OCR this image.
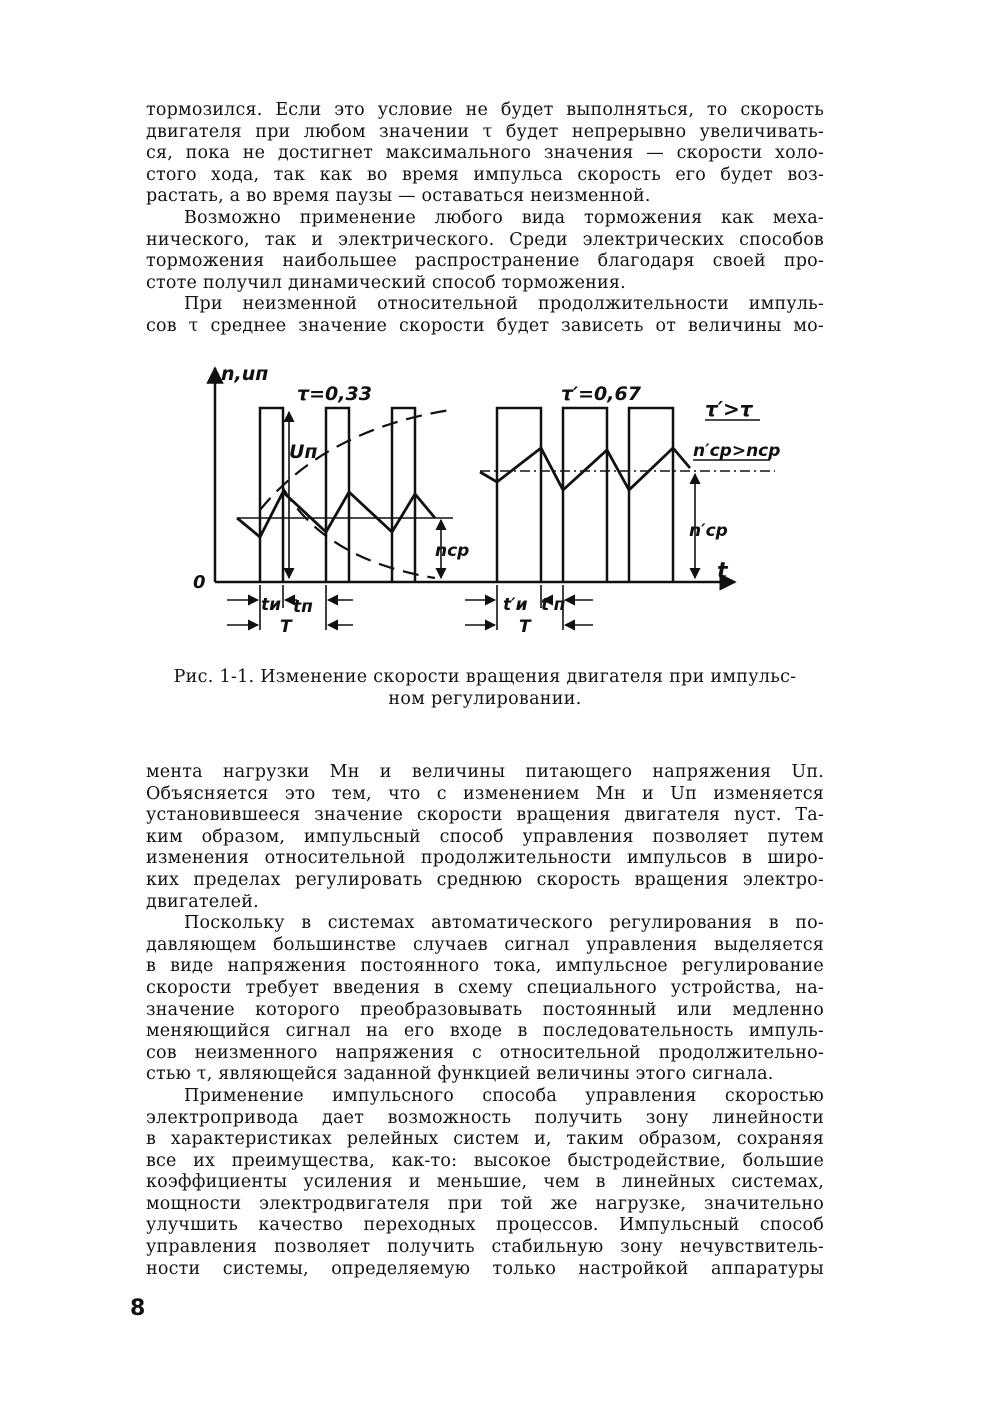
тормозился. Если это условие не будет выполняться, то скорость
двигателя при любом значении τ будет непрерывно увеличивать-
ся, пока не достигнет максимального значения — скорости холо-
стого хода, так как во время импульса скорость его будет воз-
растать, а во время паузы — оставаться неизменной.

Возможно применение любого вида торможения как меха-
нического, так и электрического. Среди электрических способов
торможения наибольшее распространение благодаря своей про-
стоте получил динамический способ торможения.

При неизменной относительной продолжительности импуль-
сов τ среднее значение скорости будет зависеть от величины мо-

n,uп
t
0
τ=0,33	τ′=0,67
τ′>τ
n′cp>ncp
Uп
ncp
n′cp
tи tп
T
t′и t′п
T
Рис. 1-1. Изменение скорости вращения двигателя при импульс-
ном регулировании.

мента нагрузки Mн и величины питающего напряжения Uп.
Объясняется это тем, что с изменением Mн и Uп изменяется
установившееся значение скорости вращения двигателя nуст. Та-
ким образом, импульсный способ управления позволяет путем
изменения относительной продолжительности импульсов в широ-
ких пределах регулировать среднюю скорость вращения электро-
двигателей.

Поскольку в системах автоматического регулирования в по-
давляющем большинстве случаев сигнал управления выделяется
в виде напряжения постоянного тока, импульсное регулирование
скорости требует введения в схему специального устройства, на-
значение которого преобразовывать постоянный или медленно
меняющийся сигнал на его входе в последовательность импуль-
сов неизменного напряжения с относительной продолжительно-
стью τ, являющейся заданной функцией величины этого сигнала.

Применение импульсного способа управления скоростью
электропривода дает возможность получить зону линейности
в характеристиках релейных систем и, таким образом, сохраняя
все их преимущества, как-то: высокое быстродействие, большие
коэффициенты усиления и меньшие, чем в линейных системах,
мощности электродвигателя при той же нагрузке, значительно
улучшить качество переходных процессов. Импульсный способ
управления позволяет получить стабильную зону нечувствитель-
ности системы, определяемую только настройкой аппаратуры

8
